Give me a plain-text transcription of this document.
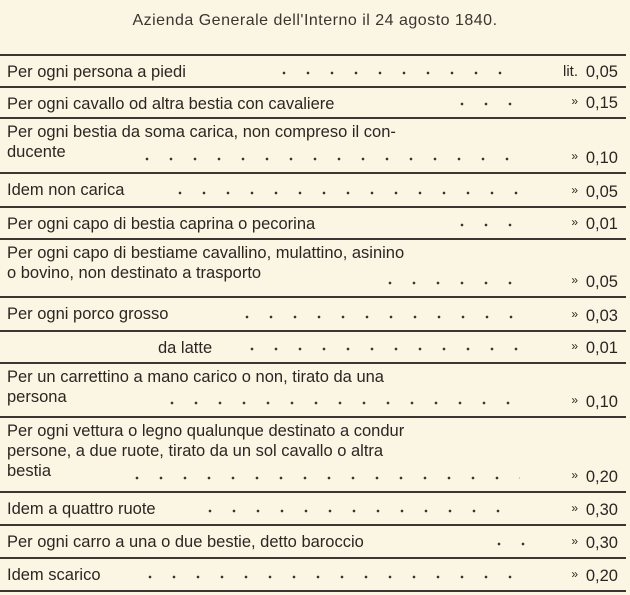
Azienda Generale dell'Interno il 24 agosto 1840.
Per ogni persona a piedi	lit. 0,05
Per ogni cavallo od altra bestia con cavaliere	» 0,15
Per ogni bestia da soma carica, non compreso il con-
ducente	» 0,10
Idem non carica	» 0,05
Per ogni capo di bestia caprina o pecorina	» 0,01
Per ogni capo di bestiame cavallino, mulattino, asinino
o bovino, non destinato a trasporto	» 0,05
Per ogni porco grosso	» 0,03
da latte	» 0,01
Per un carrettino a mano carico o non, tirato da una
persona	» 0,10
Per ogni vettura o legno qualunque destinato a condur
persone, a due ruote, tirato da un sol cavallo o altra
bestia	» 0,20
Idem a quattro ruote	» 0,30
Per ogni carro a una o due bestie, detto baroccio	» 0,30
Idem scarico	» 0,20
